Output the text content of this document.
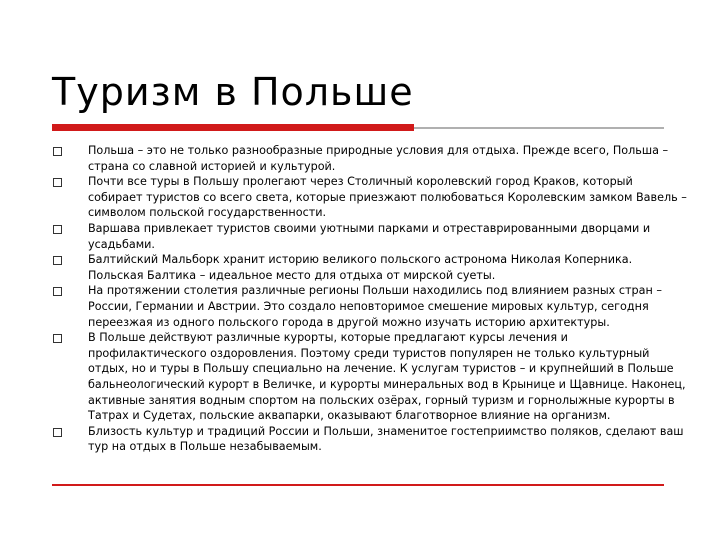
Туризм в Польше
Польша – это не только разнообразные природные условия для отдыха. Прежде всего, Польша – страна со славной историей и культурой.
Почти все туры в Польшу пролегают через Столичный королевский город Краков, который собирает туристов со всего света, которые приезжают полюбоваться Королевским замком Вавель – символом польской государственности.
Варшава привлекает туристов своими уютными парками и отреставрированными дворцами и усадьбами.
Балтийский Мальборк хранит историю великого польского астронома Николая Коперника. Польская Балтика – идеальное место для отдыха от мирской суеты.
На протяжении столетия различные регионы Польши находились под влиянием разных стран – России, Германии и Австрии. Это создало неповторимое смешение мировых культур, сегодня переезжая из одного польского города в другой можно изучать историю архитектуры.
В Польше действуют различные курорты, которые предлагают курсы лечения и профилактического оздоровления. Поэтому среди туристов популярен не только культурный отдых, но и туры в Польшу специально на лечение. К услугам туристов – и крупнейший в Польше бальнеологический курорт в Величке, и курорты минеральных вод в Крынице и Щавнице. Наконец, активные занятия водным спортом на польских озёрах, горный туризм и горнолыжные курорты в Татрах и Судетах, польские аквапарки, оказывают благотворное влияние на организм.
Близость культур и традиций России и Польши, знаменитое гостеприимство поляков, сделают ваш тур на отдых в Польше незабываемым.
